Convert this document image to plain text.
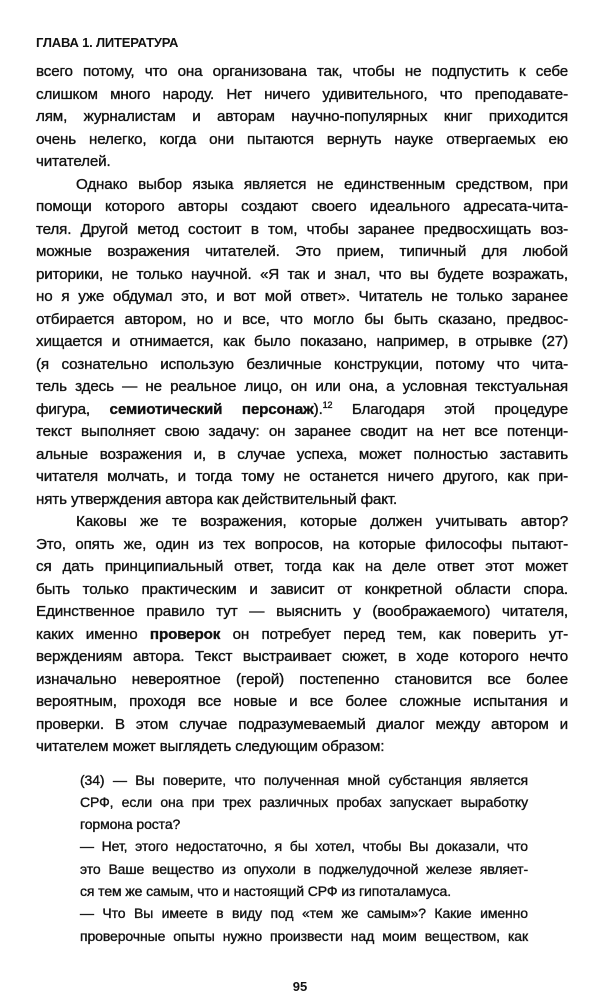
ГЛАВА 1. ЛИТЕРАТУРА
всего потому, что она организована так, чтобы не подпустить к себе
слишком много народу. Нет ничего удивительного, что преподавате-
лям, журналистам и авторам научно-популярных книг приходится
очень нелегко, когда они пытаются вернуть науке отвергаемых ею
читателей.
Однако выбор языка является не единственным средством, при
помощи которого авторы создают своего идеального адресата-чита-
теля. Другой метод состоит в том, чтобы заранее предвосхищать воз-
можные возражения читателей. Это прием, типичный для любой
риторики, не только научной. «Я так и знал, что вы будете возражать,
но я уже обдумал это, и вот мой ответ». Читатель не только заранее
отбирается автором, но и все, что могло бы быть сказано, предвос-
хищается и отнимается, как было показано, например, в отрывке (27)
(я сознательно использую безличные конструкции, потому что чита-
тель здесь — не реальное лицо, он или она, а условная текстуальная
фигура, семиотический персонаж).12 Благодаря этой процедуре
текст выполняет свою задачу: он заранее сводит на нет все потенци-
альные возражения и, в случае успеха, может полностью заставить
читателя молчать, и тогда тому не останется ничего другого, как при-
нять утверждения автора как действительный факт.
Каковы же те возражения, которые должен учитывать автор?
Это, опять же, один из тех вопросов, на которые философы пытают-
ся дать принципиальный ответ, тогда как на деле ответ этот может
быть только практическим и зависит от конкретной области спора.
Единственное правило тут — выяснить у (воображаемого) читателя,
каких именно проверок он потребует перед тем, как поверить ут-
верждениям автора. Текст выстраивает сюжет, в ходе которого нечто
изначально невероятное (герой) постепенно становится все более
вероятным, проходя все новые и все более сложные испытания и
проверки. В этом случае подразумеваемый диалог между автором и
читателем может выглядеть следующим образом:
(34) — Вы поверите, что полученная мной субстанция является
СРФ, если она при трех различных пробах запускает выработку
гормона роста?
— Нет, этого недостаточно, я бы хотел, чтобы Вы доказали, что
это Ваше вещество из опухоли в поджелудочной железе являет-
ся тем же самым, что и настоящий СРФ из гипоталамуса.
— Что Вы имеете в виду под «тем же самым»? Какие именно
проверочные опыты нужно произвести над моим веществом, как
95
